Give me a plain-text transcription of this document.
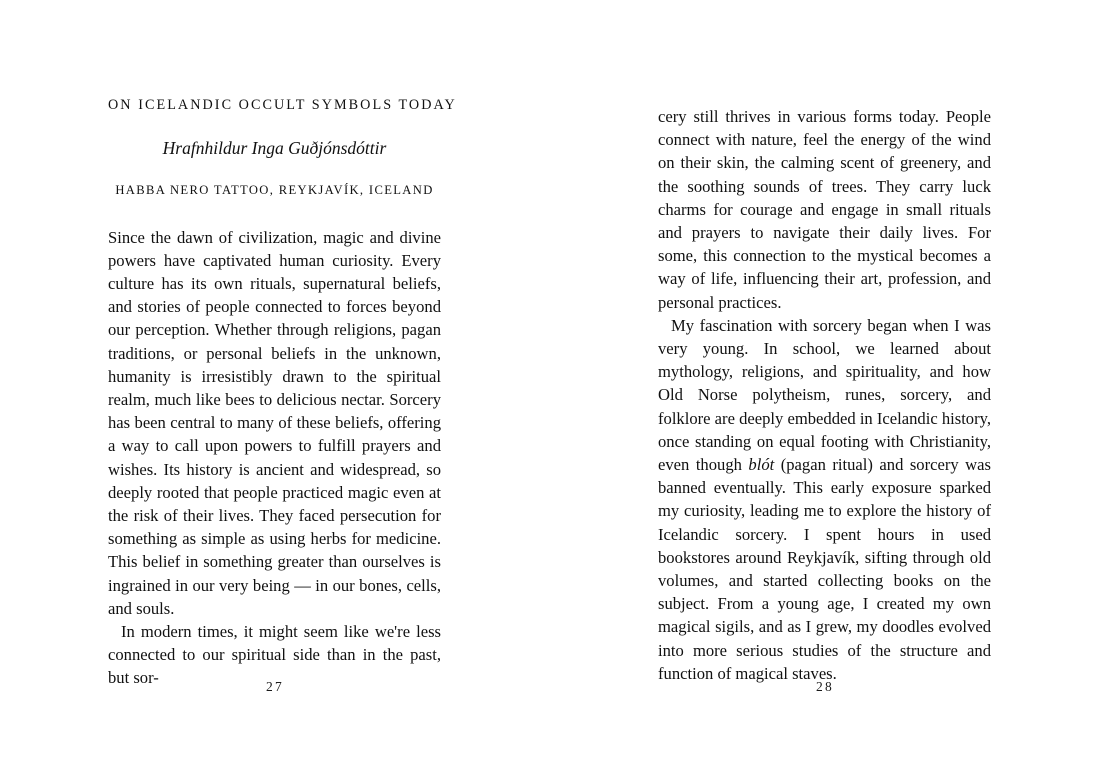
ON ICELANDIC OCCULT SYMBOLS TODAY
Hrafnhildur Inga Guðjónsdóttir
HABBA NERO TATTOO, REYKJAVÍK, ICELAND

Since the dawn of civilization, magic and divine powers have captivated human curiosity. Every culture has its own rituals, supernatural beliefs, and stories of people connected to forces beyond our perception. Whether through religions, pagan traditions, or personal beliefs in the unknown, humanity is irresistibly drawn to the spiritual realm, much like bees to delicious nectar. Sorcery has been central to many of these beliefs, offering a way to call upon powers to fulfill prayers and wishes. Its history is ancient and widespread, so deeply rooted that people practiced magic even at the risk of their lives. They faced persecution for something as simple as using herbs for medicine. This belief in something greater than ourselves is ingrained in our very being — in our bones, cells, and souls.

In modern times, it might seem like we're less connected to our spiritual side than in the past, but sor-	27

cery still thrives in various forms today. People connect with nature, feel the energy of the wind on their skin, the calming scent of greenery, and the soothing sounds of trees. They carry luck charms for courage and engage in small rituals and prayers to navigate their daily lives. For some, this connection to the mystical becomes a way of life, influencing their art, profession, and personal practices.

My fascination with sorcery began when I was very young. In school, we learned about mythology, religions, and spirituality, and how Old Norse polytheism, runes, sorcery, and folklore are deeply embedded in Icelandic history, once standing on equal footing with Christianity, even though blót (pagan ritual) and sorcery was banned eventually. This early exposure sparked my curiosity, leading me to explore the history of Icelandic sorcery. I spent hours in used bookstores around Reykjavík, sifting through old volumes, and started collecting books on the subject. From a young age, I created my own magical sigils, and as I grew, my doodles evolved into more serious studies of the structure and function of magical staves.

28
